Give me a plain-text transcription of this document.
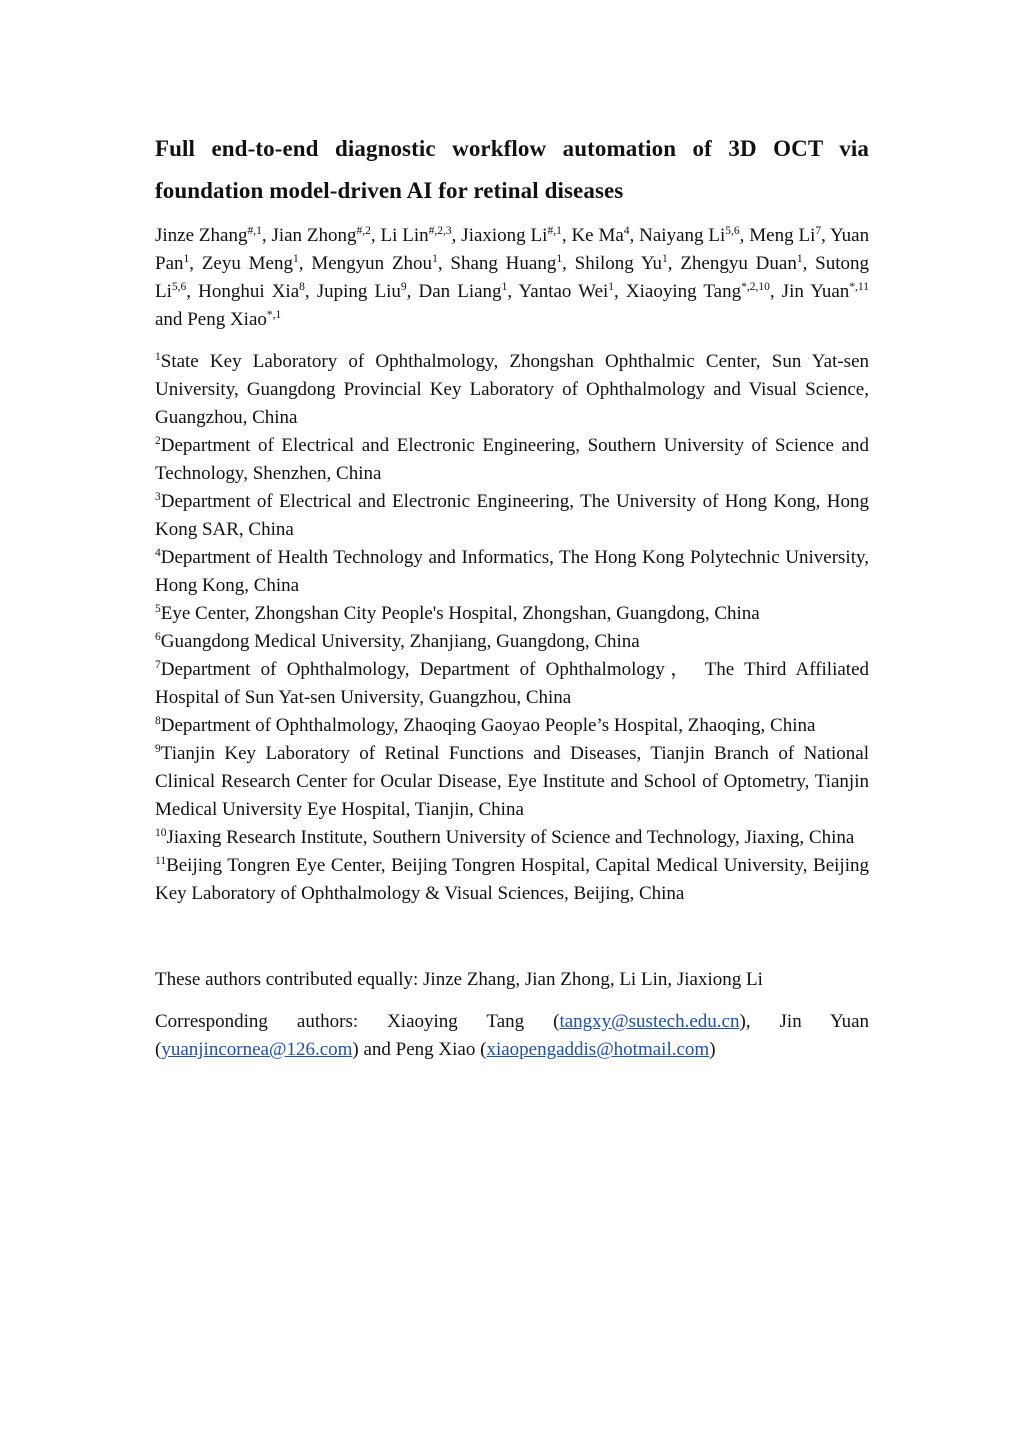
Full end-to-end diagnostic workflow automation of 3D OCT via
foundation model-driven AI for retinal diseases

Jinze Zhang$^{\#,1}$, Jian Zhong$^{\#,2}$, Li Lin$^{\#,2,3}$, Jiaxiong $Li^{\#,1}$, Ke Ma$^4$, Naiyang Li$^{5,6}$, Meng Li$^7$, Yuan Pan$^1$, Zeyu Meng$^1$, Mengyun Zhou$^1$, Shang Huang$^1$, Shilong Yu$^1$, Zhengyu Duan$^1$, Sutong Li$^{5,6}$, Honghui Xia$^8$, Juping Liu$^9$, Dan Liang$^1$, Yantao Wei$^1$, Xiaoying Tang$^{*,2,10}$, Jin Yuan$^{*,11}$ and Peng Xiao$^{*,1}$

$^1$State Key Laboratory of Ophthalmology, Zhongshan Ophthalmic Center, Sun Yat-sen University, Guangdong Provincial Key Laboratory of Ophthalmology and Visual Science, Guangzhou, China

$^2$Department of Electrical and Electronic Engineering, Southern University of Science and Technology, Shenzhen, China

$^3$Department of Electrical and Electronic Engineering, The University of Hong Kong, Hong Kong SAR, China

$^4$Department of Health Technology and Informatics, The Hong Kong Polytechnic University, Hong Kong, China

$^5$Eye Center, Zhongshan City People's Hospital, Zhongshan, Guangdong, China

$^6$Guangdong Medical University, Zhanjiang, Guangdong, China

$^7$Department of Ophthalmology, Department of Ophthalmology， The Third Affiliated Hospital of Sun Yat-sen University, Guangzhou, China

$^8$Department of Ophthalmology, Zhaoqing Gaoyao People’s Hospital, Zhaoqing, China

$^9$Tianjin Key Laboratory of Retinal Functions and Diseases, Tianjin Branch of National Clinical Research Center for Ocular Disease, Eye Institute and School of Optometry, Tianjin Medical University Eye Hospital, Tianjin, China

$^{10}$Jiaxing Research Institute, Southern University of Science and Technology, Jiaxing, China

$^{11}$Beijing Tongren Eye Center, Beijing Tongren Hospital, Capital Medical University, Beijing Key Laboratory of Ophthalmology & Visual Sciences, Beijing, China

These authors contributed equally: Jinze Zhang, Jian Zhong, Li Lin, Jiaxiong Li

Corresponding authors: Xiaoying Tang (tangxy@sustech.edu.cn), Jin Yuan (yuanjincornea@126.com) and Peng Xiao (xiaopengaddis@hotmail.com)
